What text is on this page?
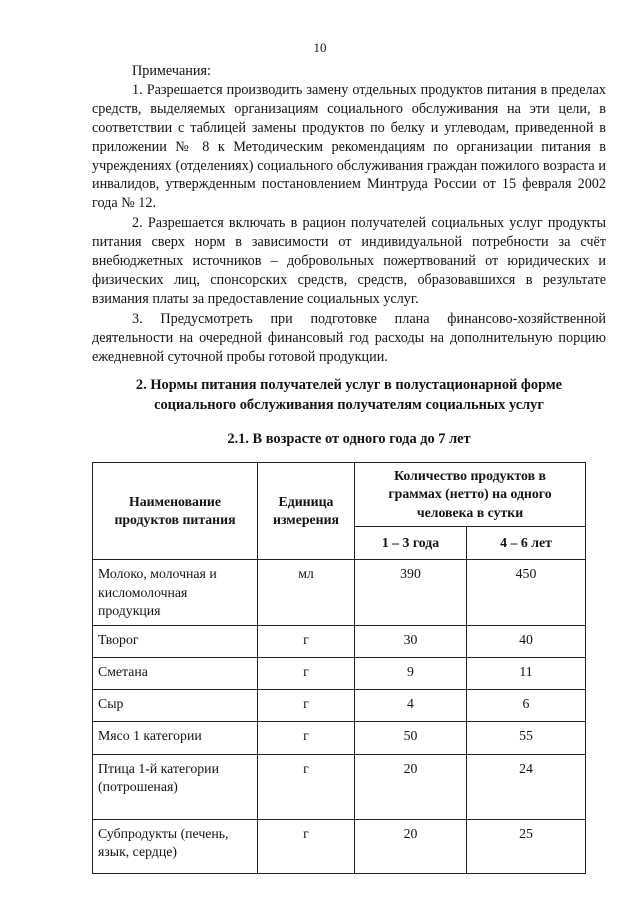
10

Примечания:

1. Разрешается производить замену отдельных продуктов питания в пределах средств, выделяемых организациям социального обслуживания на эти цели, в соответствии с таблицей замены продуктов по белку и углеводам, приведенной в приложении № 8 к Методическим рекомендациям по организации питания в учреждениях (отделениях) социального обслуживания граждан пожилого возраста и инвалидов, утвержденным постановлением Минтруда России от 15 февраля 2002 года № 12.

2. Разрешается включать в рацион получателей социальных услуг продукты питания сверх норм в зависимости от индивидуальной потребности за счёт внебюджетных источников – добровольных пожертвований от юридических и физических лиц, спонсорских средств, средств, образовавшихся в результате взимания платы за предоставление социальных услуг.

3. Предусмотреть при подготовке плана финансово-хозяйственной деятельности на очередной финансовый год расходы на дополнительную порцию ежедневной суточной пробы готовой продукции.

2. Нормы питания получателей услуг в полустационарной форме
социального обслуживания получателям социальных услуг
2.1. В возрасте от одного года до 7 лет
Наименование продуктов питания	Единица измерения	Количество продуктов в граммах (нетто) на одного человека в сутки	
		1 – 3 года	4 – 6 лет
Молоко, молочная и кисломолочная продукция	мл	390	450
Творог	г	30	40
Сметана	г	9	11
Сыр	г	4	6
Мясо 1 категории	г	50	55
Птица 1-й категории (потрошеная)	г	20	24
Субпродукты (печень, язык, сердце)	г	20	25
